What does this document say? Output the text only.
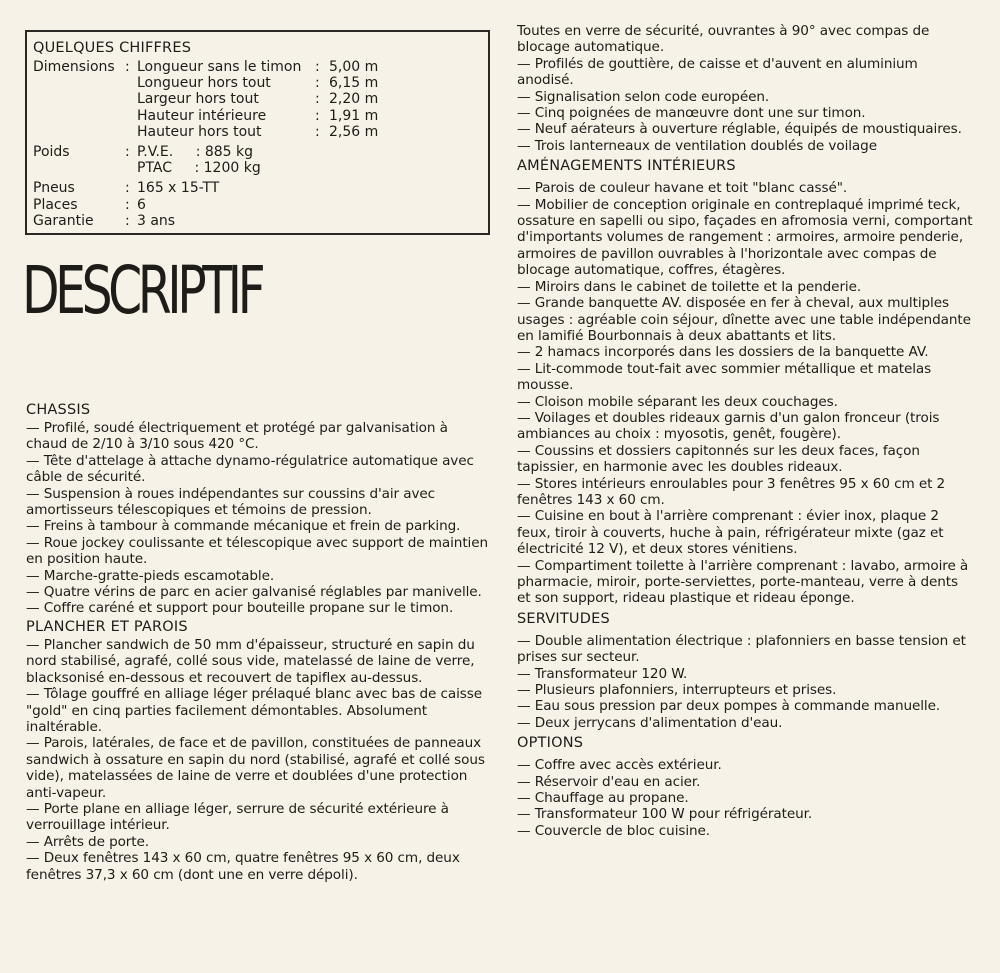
QUELQUES CHIFFRES
Dimensions	:	Longueur sans le timon	:	5,00 m
		Longueur hors tout	:	6,15 m
		Largeur hors tout	:	2,20 m
		Hauteur intérieure	:	1,91 m
		Hauteur hors tout	:	2,56 m

Poids	:	P.V.E. : 885 kg		
		PTAC : 1200 kg		

Pneus	:	165 x 15-TT		
Places	:	6		
Garantie	:	3 ans		
DESCRIPTIF
CHASSIS

— Profilé, soudé électriquement et protégé par galvanisation à chaud de 2/10 à 3/10 sous 420 °C.

— Tête d'attelage à attache dynamo-régulatrice automatique avec câble de sécurité.

— Suspension à roues indépendantes sur coussins d'air avec amortisseurs télescopiques et témoins de pression.

— Freins à tambour à commande mécanique et frein de parking.

— Roue jockey coulissante et télescopique avec support de maintien en position haute.

— Marche-gratte-pieds escamotable.

— Quatre vérins de parc en acier galvanisé réglables par manivelle.

— Coffre caréné et support pour bouteille propane sur le timon.

PLANCHER ET PAROIS

— Plancher sandwich de 50 mm d'épaisseur, structuré en sapin du nord stabilisé, agrafé, collé sous vide, matelassé de laine de verre, blacksonisé en-dessous et recouvert de tapiflex au-dessus.

— Tôlage gouffré en alliage léger prélaqué blanc avec bas de caisse "gold" en cinq parties facilement démontables. Absolument inaltérable.

— Parois, latérales, de face et de pavillon, constituées de panneaux sandwich à ossature en sapin du nord (stabilisé, agrafé et collé sous vide), matelassées de laine de verre et doublées d'une protection anti-vapeur.

— Porte plane en alliage léger, serrure de sécurité extérieure à verrouillage intérieur.

— Arrêts de porte.

— Deux fenêtres 143 x 60 cm, quatre fenêtres 95 x 60 cm, deux fenêtres 37,3 x 60 cm (dont une en verre dépoli).

Toutes en verre de sécurité, ouvrantes à 90° avec compas de blocage automatique.

— Profilés de gouttière, de caisse et d'auvent en aluminium anodisé.

— Signalisation selon code européen.

— Cinq poignées de manœuvre dont une sur timon.

— Neuf aérateurs à ouverture réglable, équipés de moustiquaires.

— Trois lanterneaux de ventilation doublés de voilage

AMÉNAGEMENTS INTÉRIEURS

— Parois de couleur havane et toit "blanc cassé".

— Mobilier de conception originale en contreplaqué imprimé teck, ossature en sapelli ou sipo, façades en afromosia verni, comportant d'importants volumes de rangement : armoires, armoire penderie, armoires de pavillon ouvrables à l'horizontale avec compas de blocage automatique, coffres, étagères.

— Miroirs dans le cabinet de toilette et la penderie.

— Grande banquette AV. disposée en fer à cheval, aux multiples usages : agréable coin séjour, dînette avec une table indépendante en lamifié Bourbonnais à deux abattants et lits.

— 2 hamacs incorporés dans les dossiers de la banquette AV.

— Lit-commode tout-fait avec sommier métallique et matelas mousse.

— Cloison mobile séparant les deux couchages.

— Voilages et doubles rideaux garnis d'un galon fronceur (trois ambiances au choix : myosotis, genêt, fougère).

— Coussins et dossiers capitonnés sur les deux faces, façon tapissier, en harmonie avec les doubles rideaux.

— Stores intérieurs enroulables pour 3 fenêtres 95 x 60 cm et 2 fenêtres 143 x 60 cm.

— Cuisine en bout à l'arrière comprenant : évier inox, plaque 2 feux, tiroir à couverts, huche à pain, réfrigérateur mixte (gaz et électricité 12 V), et deux stores vénitiens.

— Compartiment toilette à l'arrière comprenant : lavabo, armoire à pharmacie, miroir, porte-serviettes, porte-manteau, verre à dents et son support, rideau plastique et rideau éponge.

SERVITUDES

— Double alimentation électrique : plafonniers en basse tension et prises sur secteur.

— Transformateur 120 W.

— Plusieurs plafonniers, interrupteurs et prises.

— Eau sous pression par deux pompes à commande manuelle.

— Deux jerrycans d'alimentation d'eau.

OPTIONS

— Coffre avec accès extérieur.

— Réservoir d'eau en acier.

— Chauffage au propane.

— Transformateur 100 W pour réfrigérateur.

— Couvercle de bloc cuisine.
